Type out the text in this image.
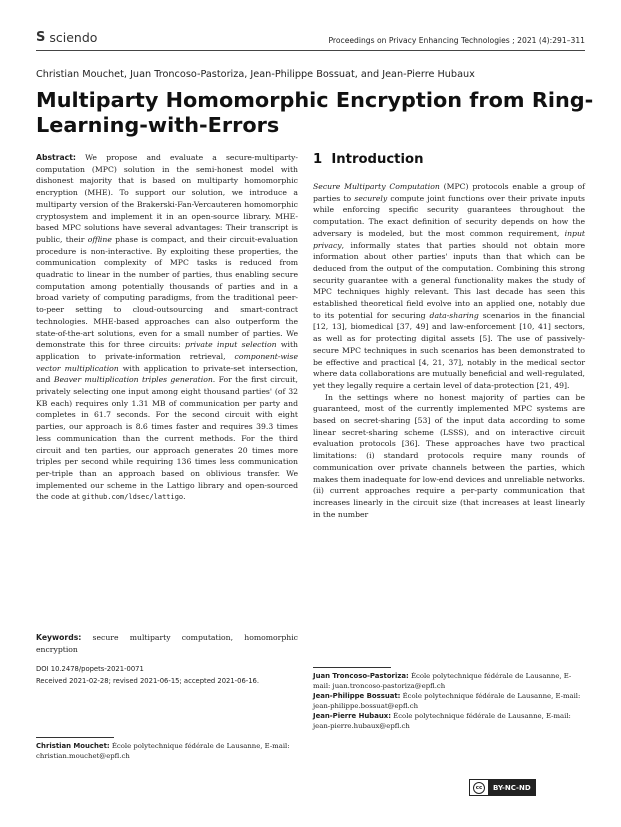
S sciendo	Proceedings on Privacy Enhancing Technologies ; 2021 (4):291–311
Christian Mouchet, Juan Troncoso-Pastoriza, Jean-Philippe Bossuat, and Jean-Pierre Hubaux
Multiparty Homomorphic Encryption from Ring-Learning-with-Errors

Abstract: We propose and evaluate a secure-multiparty-computation (MPC) solution in the semi-honest model with dishonest majority that is based on multiparty homomorphic encryption (MHE). To support our solution, we introduce a multiparty version of the Brakerski-Fan-Vercauteren homomorphic cryptosystem and implement it in an open-source library. MHE-based MPC solutions have several advantages: Their transcript is public, their offline phase is compact, and their circuit-evaluation procedure is non-interactive. By exploiting these properties, the communication complexity of MPC tasks is reduced from quadratic to linear in the number of parties, thus enabling secure computation among potentially thousands of parties and in a broad variety of computing paradigms, from the traditional peer-to-peer setting to cloud-outsourcing and smart-contract technologies. MHE-based approaches can also outperform the state-of-the-art solutions, even for a small number of parties. We demonstrate this for three circuits: private input selection with application to private-information retrieval, component-wise vector multiplication with application to private-set intersection, and Beaver multiplication triples generation. For the first circuit, privately selecting one input among eight thousand parties' (of 32 KB each) requires only 1.31 MB of communication per party and completes in 61.7 seconds. For the second circuit with eight parties, our approach is 8.6 times faster and requires 39.3 times less communication than the current methods. For the third circuit and ten parties, our approach generates 20 times more triples per second while requiring 136 times less communication per-triple than an approach based on oblivious transfer. We implemented our scheme in the Lattigo library and open-sourced the code at github.com/ldsec/lattigo.

Keywords: secure multiparty computation, homomorphic encryption

DOI 10.2478/popets-2021-0071
Received 2021-02-28; revised 2021-06-15; accepted 2021-06-16.
Christian Mouchet: École polytechnique fédérale de Lausanne, E-mail: christian.mouchet@epfl.ch
1 Introduction

Secure Multiparty Computation (MPC) protocols enable a group of parties to securely compute joint functions over their private inputs while enforcing specific security guarantees throughout the computation. The exact definition of security depends on how the adversary is modeled, but the most common requirement, input privacy, informally states that parties should not obtain more information about other parties' inputs than that which can be deduced from the output of the computation. Combining this strong security guarantee with a general functionality makes the study of MPC techniques highly relevant. This last decade has seen this established theoretical field evolve into an applied one, notably due to its potential for securing data-sharing scenarios in the financial [12, 13], biomedical [37, 49] and law-enforcement [10, 41] sectors, as well as for protecting digital assets [5]. The use of passively-secure MPC techniques in such scenarios has been demonstrated to be effective and practical [4, 21, 37], notably in the medical sector where data collaborations are mutually beneficial and well-regulated, yet they legally require a certain level of data-protection [21, 49].

In the settings where no honest majority of parties can be guaranteed, most of the currently implemented MPC systems are based on secret-sharing [53] of the input data according to some linear secret-sharing scheme (LSSS), and on interactive circuit evaluation protocols [36]. These approaches have two practical limitations: (i) standard protocols require many rounds of communication over private channels between the parties, which makes them inadequate for low-end devices and unreliable networks. (ii) current approaches require a per-party communication that increases linearly in the circuit size (that increases at least linearly in the number

Juan Troncoso-Pastoriza: École polytechnique fédérale de Lausanne, E-mail: juan.troncoso-pastoriza@epfl.ch
Jean-Philippe Bossuat: École polytechnique fédérale de Lausanne, E-mail: jean-philippe.bossuat@epfl.ch
Jean-Pierre Hubaux: École polytechnique fédérale de Lausanne, E-mail: jean-pierre.hubaux@epfl.ch
cc	BY-NC-ND
